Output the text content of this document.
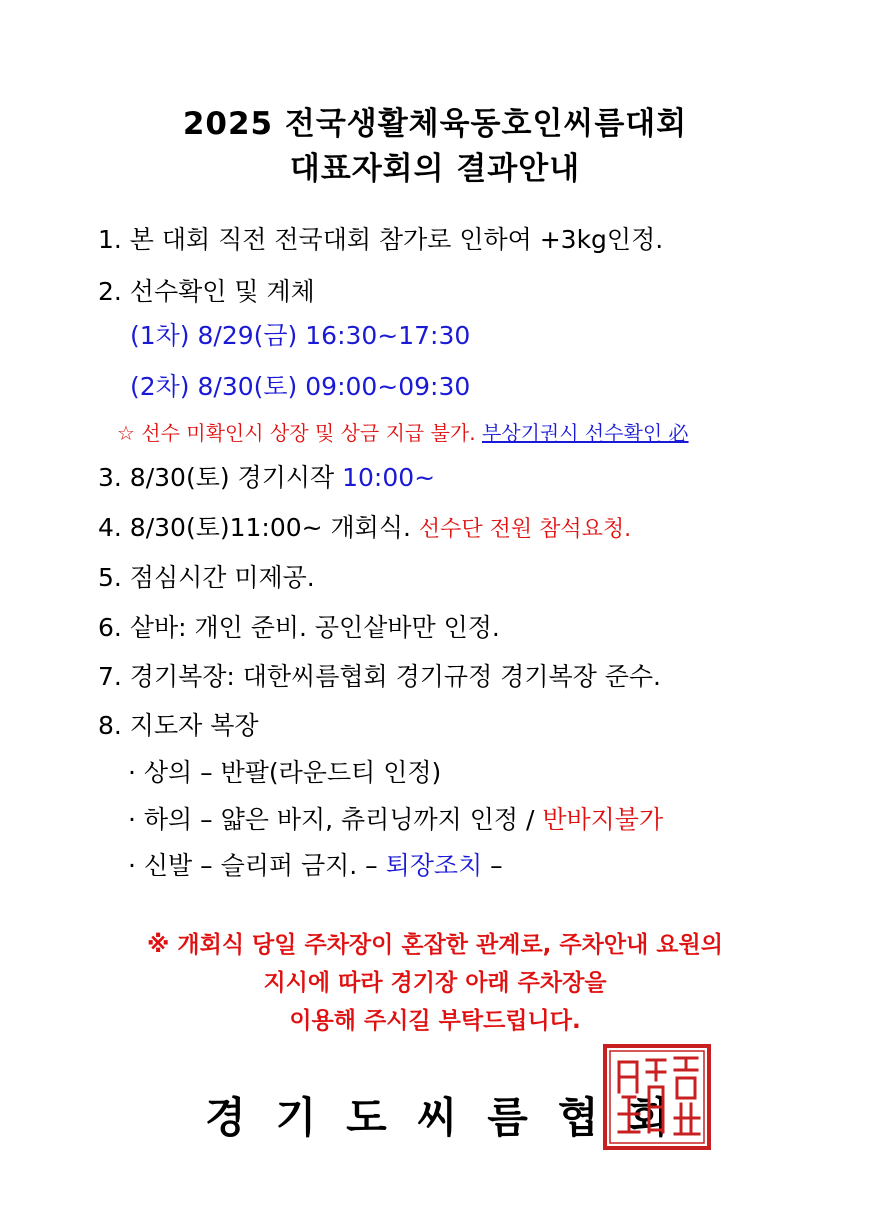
2025 전국생활체육동호인씨름대회
대표자회의 결과안내
1. 본 대회 직전 전국대회 참가로 인하여 +3kg인정.
2. 선수확인 및 계체
(1차) 8/29(금) 16:30~17:30
(2차) 8/30(토) 09:00~09:30
☆ 선수 미확인시 상장 및 상금 지급 불가. 부상기권시 선수확인 必
3. 8/30(토) 경기시작 10:00~
4. 8/30(토)11:00~ 개회식. 선수단 전원 참석요청.
5. 점심시간 미제공.
6. 샅바: 개인 준비. 공인샅바만 인정.
7. 경기복장: 대한씨름협회 경기규정 경기복장 준수.
8. 지도자 복장
· 상의 – 반팔(라운드티 인정)
· 하의 – 얇은 바지, 츄리닝까지 인정 / 반바지불가
· 신발 – 슬리퍼 금지. – 퇴장조치 –
※ 개회식 당일 주차장이 혼잡한 관계로, 주차안내 요원의
지시에 따라 경기장 아래 주차장을
이용해 주시길 부탁드립니다.
경기도씨름협회
